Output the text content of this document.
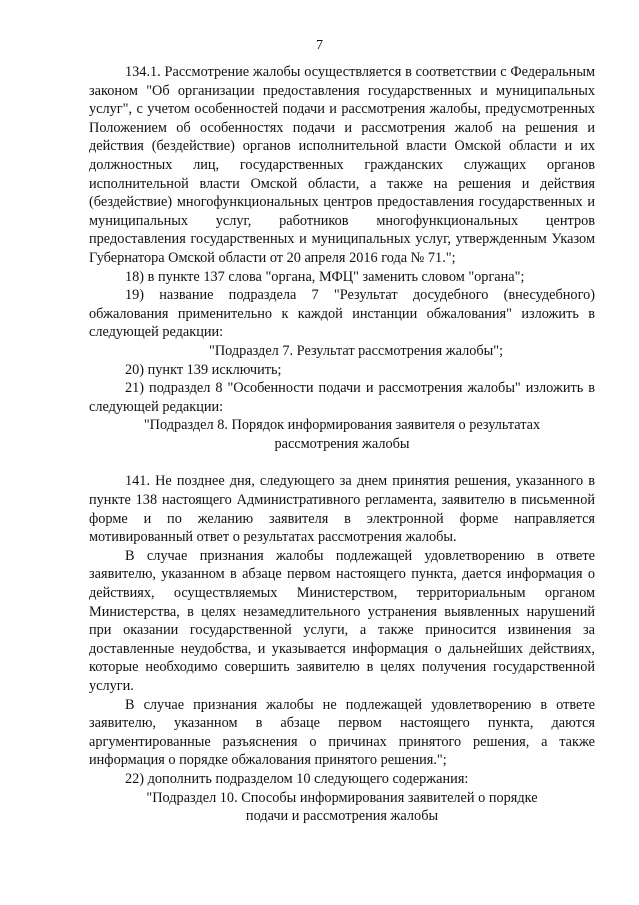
7

134.1. Рассмотрение жалобы осуществляется в соответствии с Федеральным законом "Об организации предоставления государственных и муниципальных услуг", с учетом особенностей подачи и рассмотрения жалобы, предусмотренных Положением об особенностях подачи и рассмотрения жалоб на решения и действия (бездействие) органов исполнительной власти Омской области и их должностных лиц, государственных гражданских служащих органов исполнительной власти Омской области, а также на решения и действия (бездействие) многофункциональных центров предоставления государственных и муниципальных услуг, работников многофункциональных центров предоставления государственных и муниципальных услуг, утвержденным Указом Губернатора Омской области от 20 апреля 2016 года № 71.";

18) в пункте 137 слова "органа, МФЦ" заменить словом "органа";

19) название подраздела 7 "Результат досудебного (внесудебного) обжалования применительно к каждой инстанции обжалования" изложить в следующей редакции:

"Подраздел 7. Результат рассмотрения жалобы";

20) пункт 139 исключить;

21) подраздел 8 "Особенности подачи и рассмотрения жалобы" изложить в следующей редакции:

"Подраздел 8. Порядок информирования заявителя о результатах рассмотрения жалобы

141. Не позднее дня, следующего за днем принятия решения, указанного в пункте 138 настоящего Административного регламента, заявителю в письменной форме и по желанию заявителя в электронной форме направляется мотивированный ответ о результатах рассмотрения жалобы.

В случае признания жалобы подлежащей удовлетворению в ответе заявителю, указанном в абзаце первом настоящего пункта, дается информация о действиях, осуществляемых Министерством, территориальным органом Министерства, в целях незамедлительного устранения выявленных нарушений при оказании государственной услуги, а также приносится извинения за доставленные неудобства, и указывается информация о дальнейших действиях, которые необходимо совершить заявителю в целях получения государственной услуги.

В случае признания жалобы не подлежащей удовлетворению в ответе заявителю, указанном в абзаце первом настоящего пункта, даются аргументированные разъяснения о причинах принятого решения, а также информация о порядке обжалования принятого решения.";

22) дополнить подразделом 10 следующего содержания:

"Подраздел 10. Способы информирования заявителей о порядке подачи и рассмотрения жалобы
